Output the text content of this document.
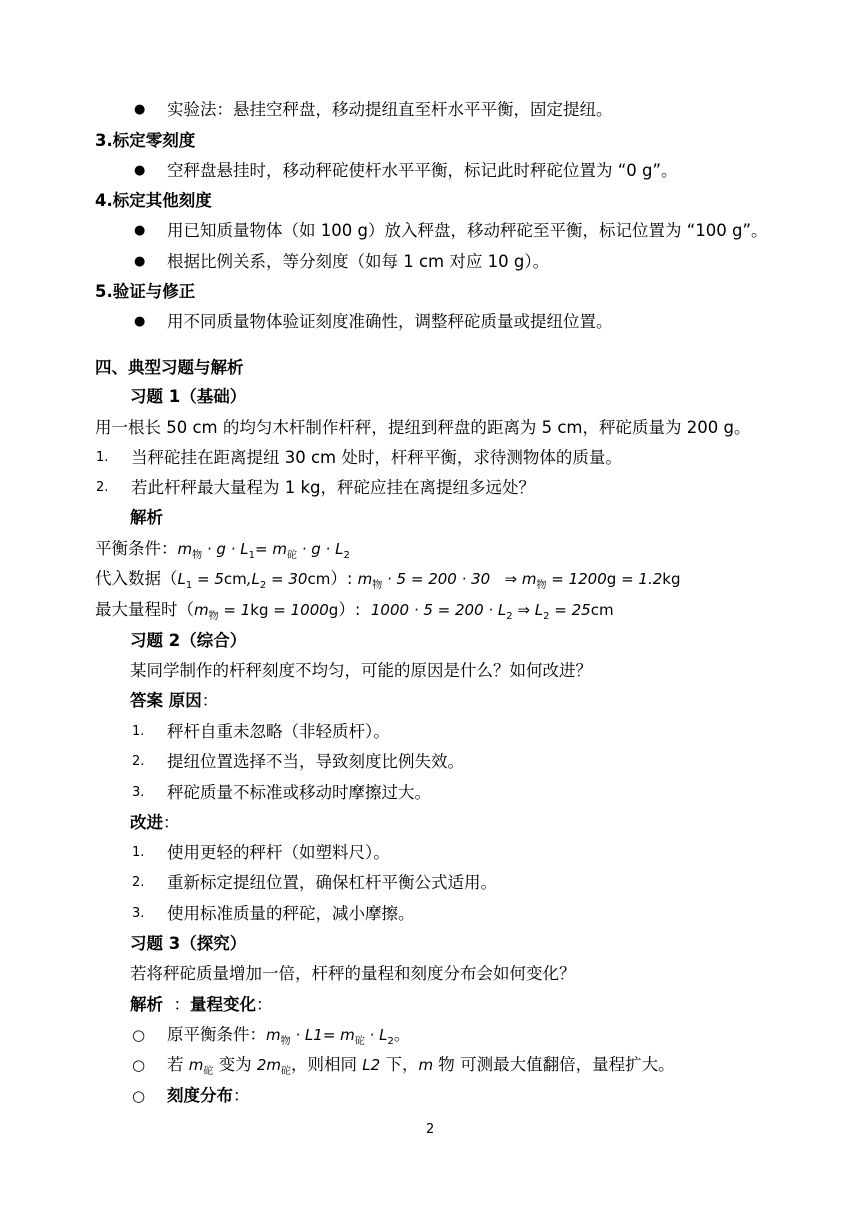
● 实验法：悬挂空秤盘，移动提纽直至杆水平平衡，固定提纽。
3.标定零刻度
● 空秤盘悬挂时，移动秤砣使杆水平平衡，标记此时秤砣位置为 “0 g”。
4.标定其他刻度
● 用已知质量物体（如 100 g）放入秤盘，移动秤砣至平衡，标记位置为 “100 g”。
● 根据比例关系，等分刻度（如每 1 cm 对应 10 g）。
5.验证与修正
● 用不同质量物体验证刻度准确性，调整秤砣质量或提纽位置。
四、典型习题与解析
习题 1（基础）
用一根长 50 cm 的均匀木杆制作杆秤，提纽到秤盘的距离为 5 cm，秤砣质量为 200 g。
1. 当秤砣挂在距离提纽 30 cm 处时，杆秤平衡，求待测物体的质量。
2. 若此杆秤最大量程为 1 kg，秤砣应挂在离提纽多远处？
解析
平衡条件：$m_物 \cdot g \cdot L_1= m_砣 \cdot g \cdot L_2$
代入数据$(L_1 = 5cm,L_2 = 30cm)$: $m_物 \cdot 5 = 200 \cdot 30$   ⇒ $m_物 = 1200g = 1.2kg$
最大量程时$(m_物 = 1kg = 1000g)$:  $1000 \cdot 5 = 200 \cdot L_2$ ⇒ $L_2 = 25cm$
习题 2（综合）
某同学制作的杆秤刻度不均匀，可能的原因是什么？如何改进？
答案 原因：
1. 秤杆自重未忽略（非轻质杆）。
2. 提纽位置选择不当，导致刻度比例失效。
3. 秤砣质量不标准或移动时摩擦过大。
改进：
1. 使用更轻的秤杆（如塑料尺）。
2. 重新标定提纽位置，确保杠杆平衡公式适用。
3. 使用标准质量的秤砣，减小摩擦。
习题 3（探究）
若将秤砣质量增加一倍，杆秤的量程和刻度分布会如何变化？
解析 ：量程变化：
○ 原平衡条件：$m_物 \cdot L1= m_砣 \cdot L_2$。
○ 若 $m_砣$ 变为 $2m_砣$，则相同 L2 下，m 物 可测最大值翻倍，量程扩大。
○ 刻度分布：
2
